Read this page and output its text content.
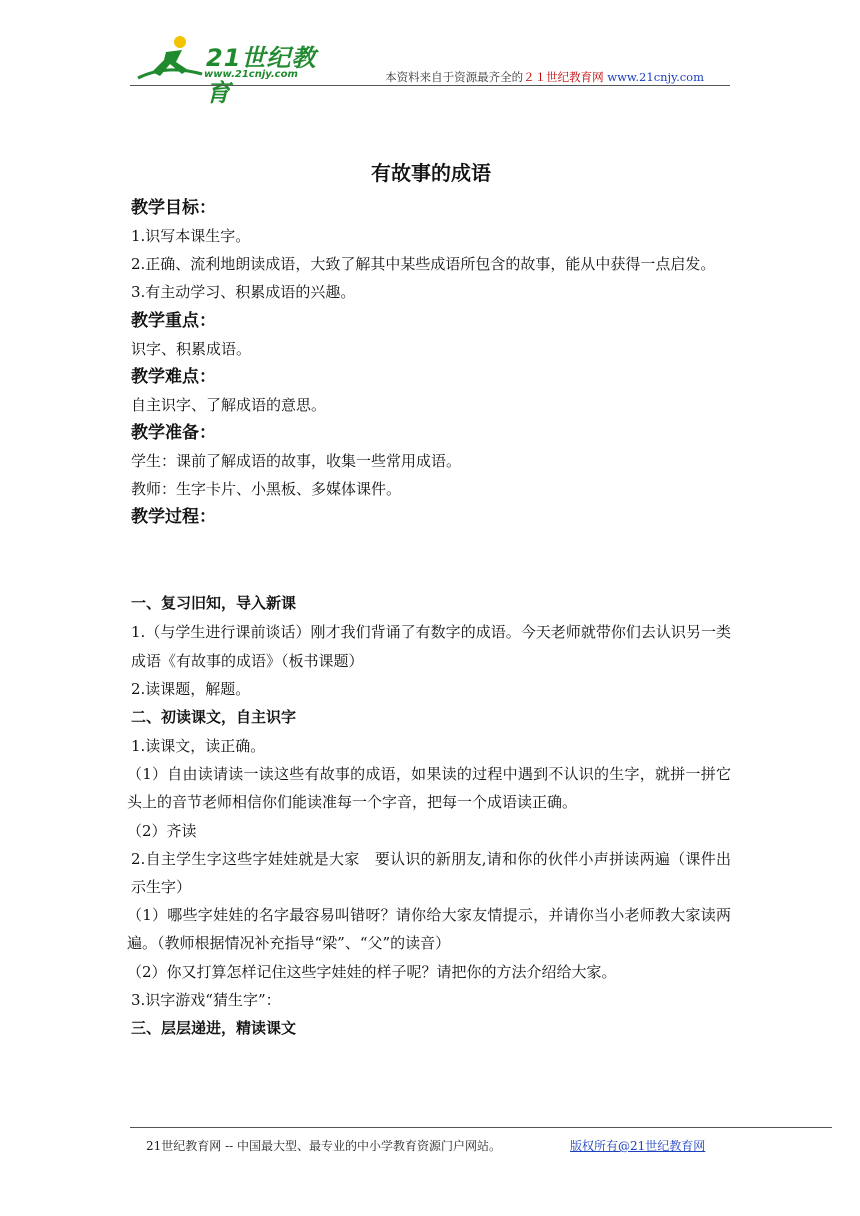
21世纪教育
www.21cnjy.com	本资料来自于资源最齐全的２１世纪教育网 www.21cnjy.com
有故事的成语
教学目标：
1.识写本课生字。
2.正确、流利地朗读成语，大致了解其中某些成语所包含的故事，能从中获得一点启发。
3.有主动学习、积累成语的兴趣。
教学重点：
识字、积累成语。
教学难点：
自主识字、了解成语的意思。
教学准备：
学生：课前了解成语的故事，收集一些常用成语。
教师：生字卡片、小黑板、多媒体课件。
教学过程：
一、复习旧知，导入新课
1.（与学生进行课前谈话）刚才我们背诵了有数字的成语。今天老师就带你们去认识另一类成语《有故事的成语》（板书课题）
2.读课题，解题。
二、初读课文，自主识字
1.读课文，读正确。
（1）自由读请读一读这些有故事的成语，如果读的过程中遇到不认识的生字，就拼一拼它头上的音节老师相信你们能读准每一个字音，把每一个成语读正确。
（2）齐读
2.自主学生字这些字娃娃就是大家　要认识的新朋友,请和你的伙伴小声拼读两遍（课件出示生字）
（1）哪些字娃娃的名字最容易叫错呀？请你给大家友情提示，并请你当小老师教大家读两遍。（教师根据情况补充指导“梁”、“父”的读音）
（2）你又打算怎样记住这些字娃娃的样子呢？请把你的方法介绍给大家。
3.识字游戏“猜生字”：
三、层层递进，精读课文
21世纪教育网 -- 中国最大型、最专业的中小学教育资源门户网站。	版权所有@21世纪教育网
